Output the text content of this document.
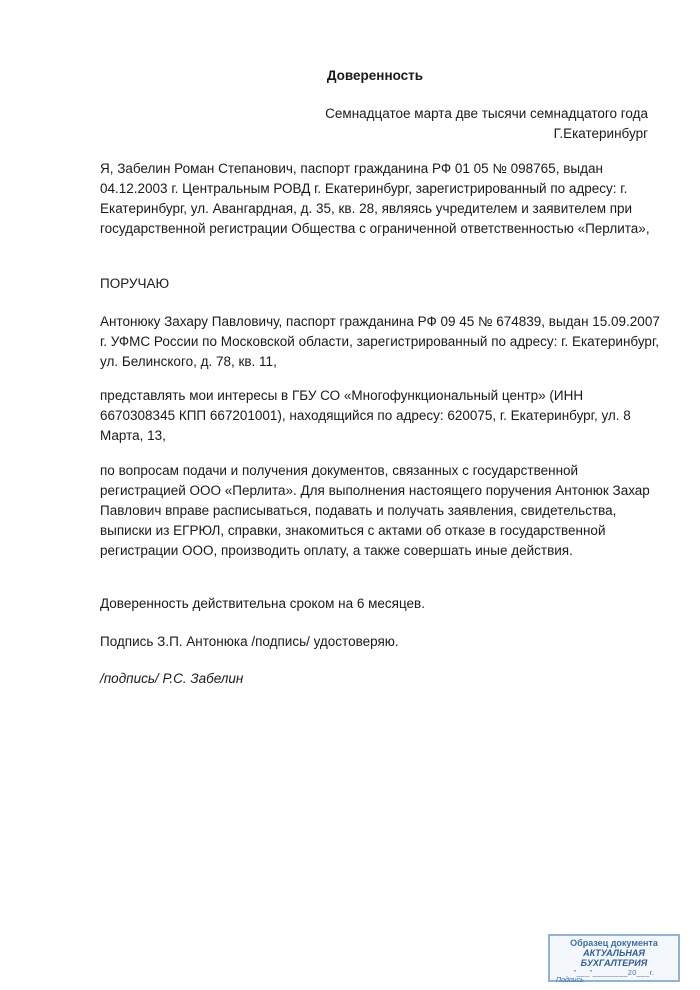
Доверенность
Семнадцатое марта две тысячи семнадцатого года
Г.Екатеринбург
Я, Забелин Роман Степанович, паспорт гражданина РФ 01 05 № 098765, выдан 04.12.2003 г. Центральным РОВД г. Екатеринбург, зарегистрированный по адресу: г. Екатеринбург, ул. Авангардная, д. 35, кв. 28, являясь учредителем и заявителем при государственной регистрации Общества с ограниченной ответственностью «Перлита»,
ПОРУЧАЮ
Антонюку Захару Павловичу, паспорт гражданина РФ 09 45 № 674839, выдан 15.09.2007 г. УФМС России по Московской области, зарегистрированный по адресу: г. Екатеринбург, ул. Белинского, д. 78, кв. 11,
представлять мои интересы в ГБУ СО «Многофункциональный центр» (ИНН 6670308345 КПП 667201001), находящийся по адресу: 620075, г. Екатеринбург, ул. 8 Марта, 13,
по вопросам подачи и получения документов, связанных с государственной регистрацией ООО «Перлита». Для выполнения настоящего поручения Антонюк Захар Павлович вправе расписываться, подавать и получать заявления, свидетельства, выписки из ЕГРЮЛ, справки, знакомиться с актами об отказе в государственной регистрации ООО, производить оплату, а также совершать иные действия.
Доверенность действительна сроком на 6 месяцев.
Подпись З.П. Антонюка /подпись/ удостоверяю.
/подпись/ Р.С. Забелин
Образец документа
АКТУАЛЬНАЯ БУХГАЛТЕРИЯ
"___"________20___г.
Подпись
